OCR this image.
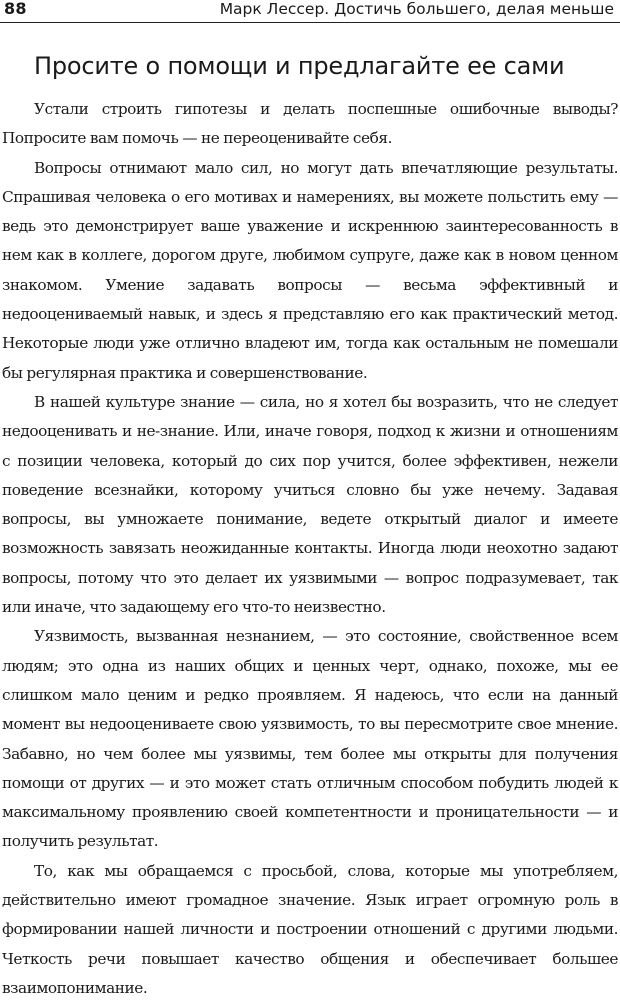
88	Марк Лессер. Достичь большего, делая меньше
Просите о помощи и предлагайте ее сами

Устали строить гипотезы и делать поспешные ошибочные выводы? Попросите вам помочь — не переоценивайте себя.

Вопросы отнимают мало сил, но могут дать впечатляющие результаты. Спрашивая человека о его мотивах и намерениях, вы можете польстить ему — ведь это демонстрирует ваше уважение и искреннюю заинтересованность в нем как в коллеге, дорогом друге, любимом супруге, даже как в новом ценном знакомом. Умение задавать вопросы — весьма эффективный и недооцениваемый навык, и здесь я представляю его как практический метод. Некоторые люди уже отлично владеют им, тогда как остальным не помешали бы регулярная практика и совершенствование.

В нашей культуре знание — сила, но я хотел бы возразить, что не следует недооценивать и не-знание. Или, иначе говоря, подход к жизни и отношениям с позиции человека, который до сих пор учится, более эффективен, нежели поведение всезнайки, которому учиться словно бы уже нечему. Задавая вопросы, вы умножаете понимание, ведете открытый диалог и имеете возможность завязать неожиданные контакты. Иногда люди неохотно задают вопросы, потому что это делает их уязвимыми — вопрос подразумевает, так или иначе, что задающему его что-то неизвестно.

Уязвимость, вызванная незнанием, — это состояние, свойственное всем людям; это одна из наших общих и ценных черт, однако, похоже, мы ее слишком мало ценим и редко проявляем. Я надеюсь, что если на данный момент вы недооцениваете свою уязвимость, то вы пересмотрите свое мнение. Забавно, но чем более мы уязвимы, тем более мы открыты для получения помощи от других — и это может стать отличным способом побудить людей к максимальному проявлению своей компетентности и проницательности — и получить результат.

То, как мы обращаемся с просьбой, слова, которые мы употребляем, действительно имеют громадное значение. Язык играет огромную роль в формировании нашей личности и построении отношений с другими людьми. Четкость речи повышает качество общения и обеспечивает большее взаимопонимание.
